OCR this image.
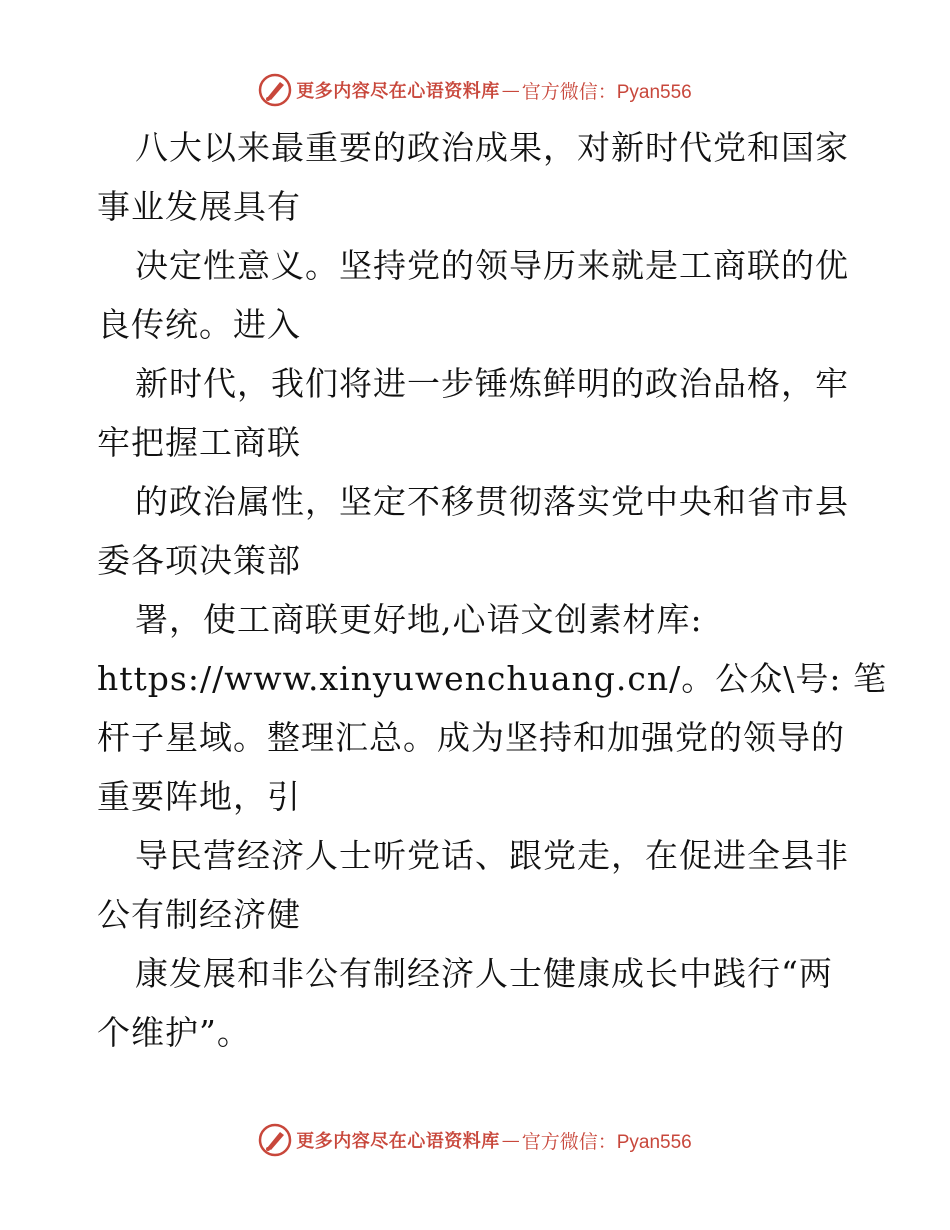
更多内容尽在心语资料库 — 官方微信：Pyan556
八大以来最重要的政治成果，对新时代党和国家
事业发展具有
决定性意义。坚持党的领导历来就是工商联的优
良传统。进入
新时代，我们将进一步锤炼鲜明的政治品格，牢
牢把握工商联
的政治属性，坚定不移贯彻落实党中央和省市县
委各项决策部
署，使工商联更好地,心语文创素材库:
https://www.xinyuwenchuang.cn/。公众\号: 笔
杆子星域。整理汇总。成为坚持和加强党的领导的
重要阵地，引
导民营经济人士听党话、跟党走，在促进全县非
公有制经济健
康发展和非公有制经济人士健康成长中践行“两
个维护”。
更多内容尽在心语资料库 — 官方微信：Pyan556
